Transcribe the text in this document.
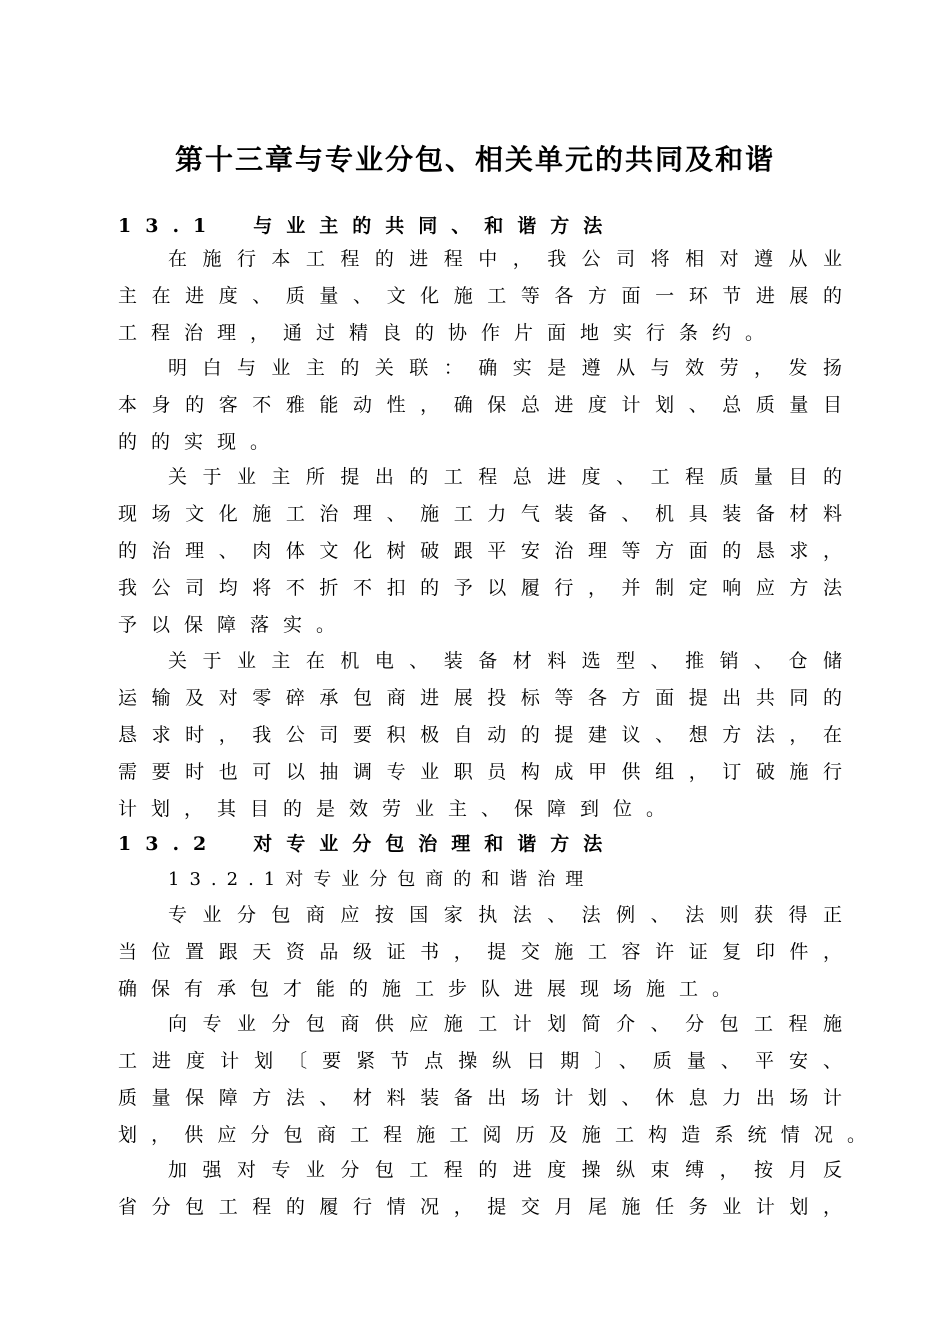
第十三章与专业分包、相关单元的共同及和谐
13.1　与业主的共同、和谐方法
在施行本工程的进程中，我公司将相对遵从业
主在进度、质量、文化施工等各方面一环节进展的
工程治理，通过精良的协作片面地实行条约。
明白与业主的关联：确实是遵从与效劳，发扬
本身的客不雅能动性，确保总进度计划、总质量目
的的实现。
关于业主所提出的工程总进度、工程质量目的
现场文化施工治理、施工力气装备、机具装备材料
的治理、肉体文化树破跟平安治理等方面的恳求，
我公司均将不折不扣的予以履行，并制定响应方法
予以保障落实。
关于业主在机电、装备材料选型、推销、仓储
运输及对零碎承包商进展投标等各方面提出共同的
恳求时，我公司要积极自动的提建议、想方法，在
需要时也可以抽调专业职员构成甲供组，订破施行
计划，其目的是效劳业主、保障到位。
13.2　对专业分包治理和谐方法
13.2.1对专业分包商的和谐治理
专业分包商应按国家执法、法例、法则获得正
当位置跟天资品级证书，提交施工容许证复印件，
确保有承包才能的施工步队进展现场施工。
向专业分包商供应施工计划简介、分包工程施
工进度计划〔要紧节点操纵日期〕、质量、平安、
质量保障方法、材料装备出场计划、休息力出场计
划，供应分包商工程施工阅历及施工构造系统情况。
加强对专业分包工程的进度操纵束缚，按月反
省分包工程的履行情况，提交月尾施任务业计划，
